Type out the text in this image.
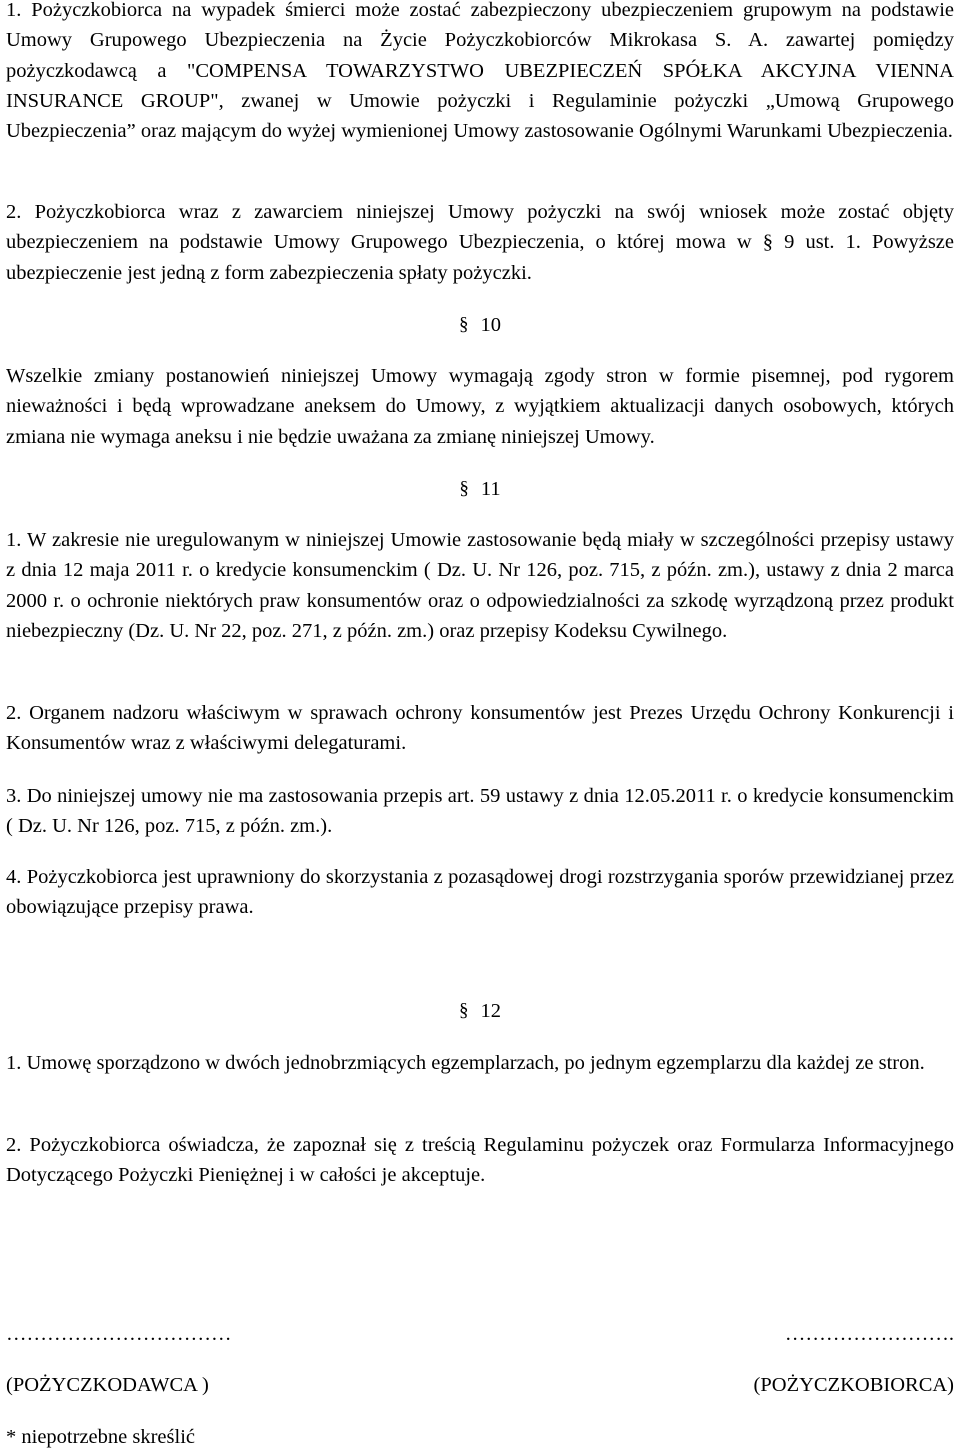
1. Pożyczkobiorca na wypadek śmierci może zostać zabezpieczony ubezpieczeniem grupowym na podstawie Umowy Grupowego Ubezpieczenia na Życie Pożyczkobiorców Mikrokasa S. A. zawartej pomiędzy pożyczkodawcą a "COMPENSA TOWARZYSTWO UBEZPIECZEŃ SPÓŁKA AKCYJNA VIENNA INSURANCE GROUP", zwanej w Umowie pożyczki i Regulaminie pożyczki „Umową Grupowego Ubezpieczenia” oraz mającym do wyżej wymienionej Umowy zastosowanie Ogólnymi Warunkami Ubezpieczenia.

2. Pożyczkobiorca wraz z zawarciem niniejszej Umowy pożyczki na swój wniosek może zostać objęty ubezpieczeniem na podstawie Umowy Grupowego Ubezpieczenia, o której mowa w § 9 ust. 1. Powyższe ubezpieczenie jest jedną z form zabezpieczenia spłaty pożyczki.

§ 10

Wszelkie zmiany postanowień niniejszej Umowy wymagają zgody stron w formie pisemnej, pod rygorem nieważności i będą wprowadzane aneksem do Umowy, z wyjątkiem aktualizacji danych osobowych, których zmiana nie wymaga aneksu i nie będzie uważana za zmianę niniejszej Umowy.

§ 11

1. W zakresie nie uregulowanym w niniejszej Umowie zastosowanie będą miały w szczególności przepisy ustawy z dnia 12 maja 2011 r. o kredycie konsumenckim ( Dz. U. Nr 126, poz. 715, z późn. zm.), ustawy z dnia 2 marca 2000 r. o ochronie niektórych praw konsumentów oraz o odpowiedzialności za szkodę wyrządzoną przez produkt niebezpieczny (Dz. U. Nr 22, poz. 271, z późn. zm.) oraz przepisy Kodeksu Cywilnego.

2. Organem nadzoru właściwym w sprawach ochrony konsumentów jest Prezes Urzędu Ochrony Konkurencji i Konsumentów wraz z właściwymi delegaturami.

3. Do niniejszej umowy nie ma zastosowania przepis art. 59 ustawy z dnia 12.05.2011 r. o kredycie konsumenckim ( Dz. U. Nr 126, poz. 715, z późn. zm.).

4. Pożyczkobiorca jest uprawniony do skorzystania z pozasądowej drogi rozstrzygania sporów przewidzianej przez obowiązujące przepisy prawa.

§ 12

1. Umowę sporządzono w dwóch jednobrzmiących egzemplarzach, po jednym egzemplarzu dla każdej ze stron.

2. Pożyczkobiorca oświadcza, że zapoznał się z treścią Regulaminu pożyczek oraz Formularza Informacyjnego Dotyczącego Pożyczki Pieniężnej i w całości je akceptuje.

……………………………	…………………….
(POŻYCZKODAWCA )	(POŻYCZKOBIORCA)
* niepotrzebne skreślić
